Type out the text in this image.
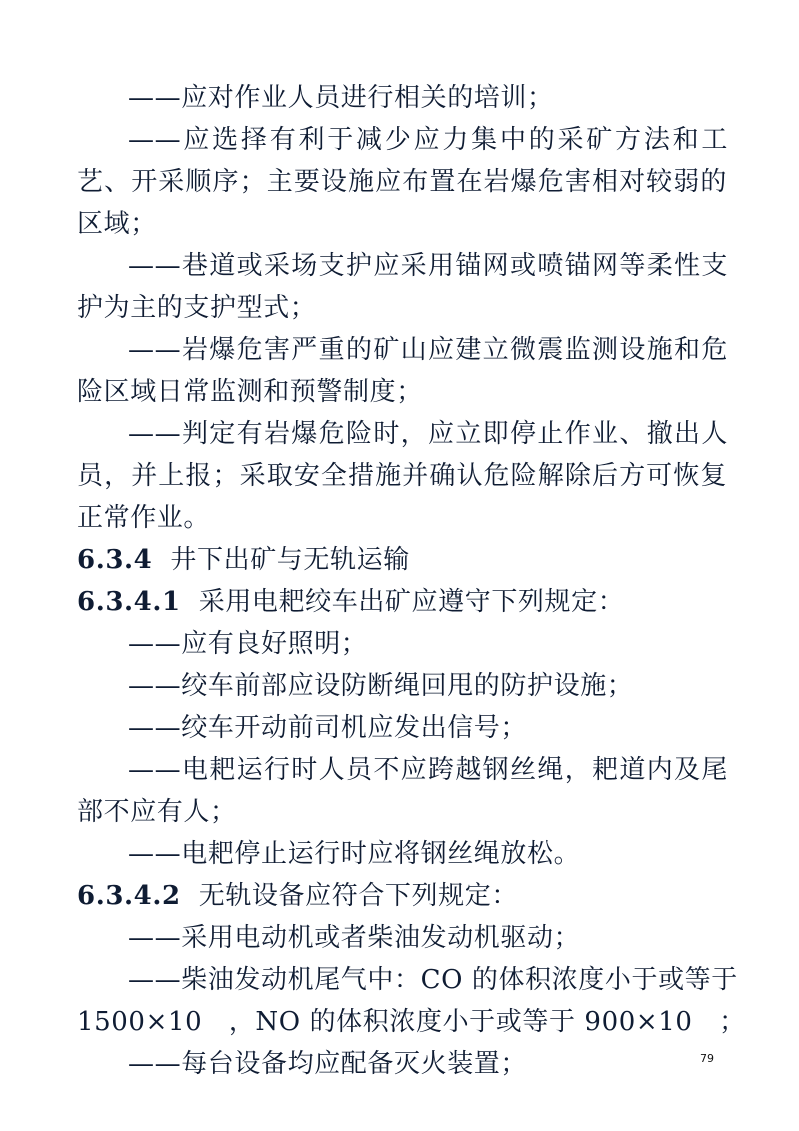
——应对作业人员进行相关的培训；
——应选择有利于减少应力集中的采矿方法和工
艺、开采顺序；主要设施应布置在岩爆危害相对较弱的
区域；
——巷道或采场支护应采用锚网或喷锚网等柔性支
护为主的支护型式；
——岩爆危害严重的矿山应建立微震监测设施和危
险区域日常监测和预警制度；
——判定有岩爆危险时，应立即停止作业、撤出人
员，并上报；采取安全措施并确认危险解除后方可恢复
正常作业。
6.3.4 井下出矿与无轨运输
6.3.4.1 采用电耙绞车出矿应遵守下列规定：
——应有良好照明；
——绞车前部应设防断绳回甩的防护设施；
——绞车开动前司机应发出信号；
——电耙运行时人员不应跨越钢丝绳，耙道内及尾
部不应有人；
——电耙停止运行时应将钢丝绳放松。
6.3.4.2 无轨设备应符合下列规定：
——采用电动机或者柴油发动机驱动；
——柴油发动机尾气中：CO 的体积浓度小于或等于
1500×10　，NO 的体积浓度小于或等于 900×10　；
——每台设备均应配备灭火装置；	79
